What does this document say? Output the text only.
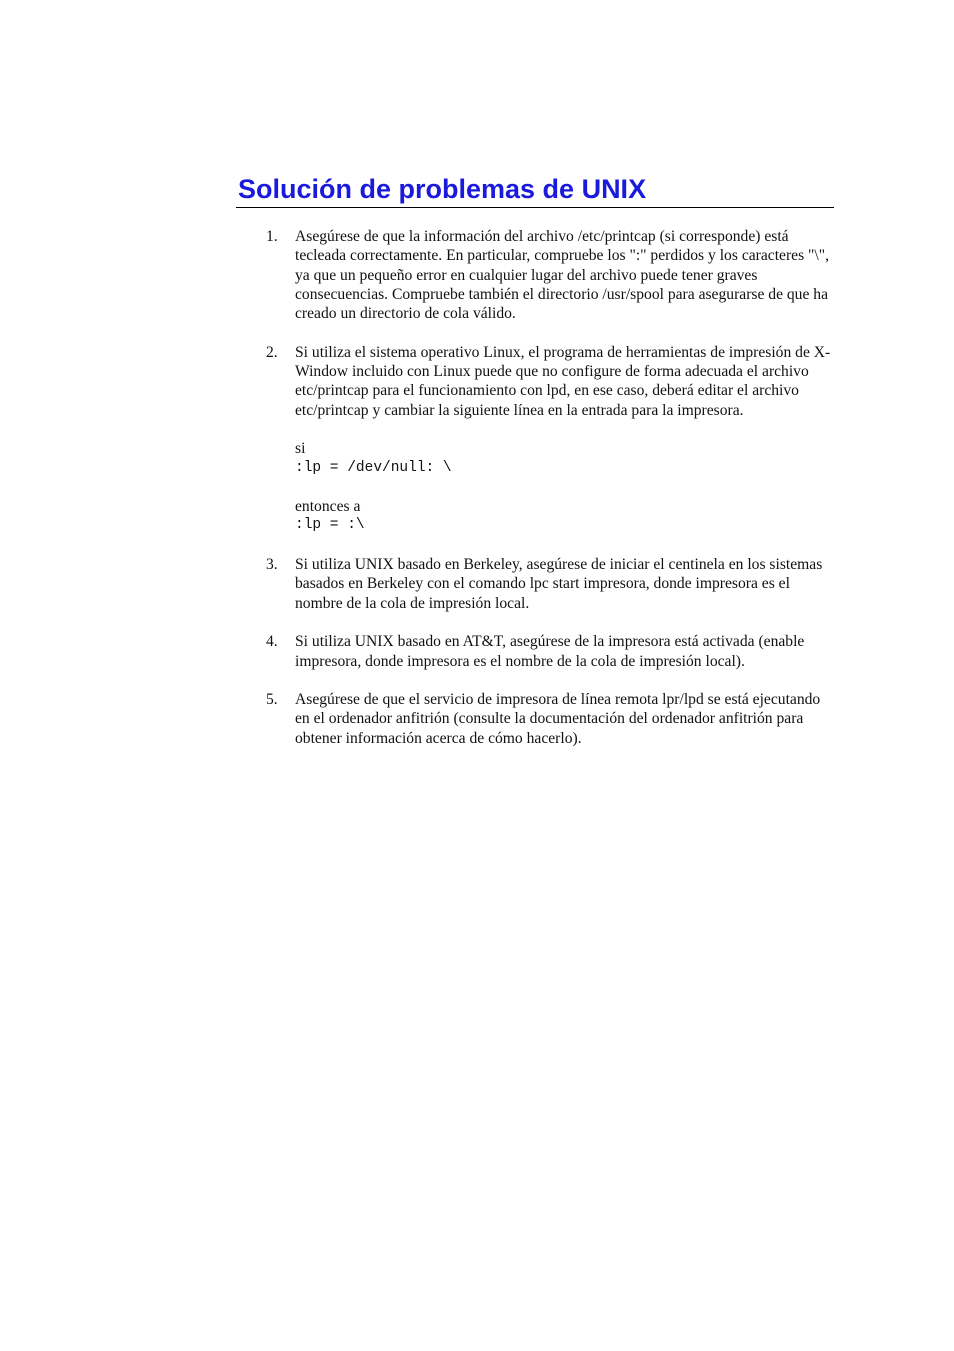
Solución de problemas de UNIX
1. Asegúrese de que la información del archivo /etc/printcap (si corresponde) está tecleada correctamente. En particular, compruebe los ":" perdidos y los caracteres "\", ya que un pequeño error en cualquier lugar del archivo puede tener graves consecuencias. Compruebe también el directorio /usr/spool para asegurarse de que ha creado un directorio de cola válido.

2. Si utiliza el sistema operativo Linux, el programa de herramientas de impresión de X-Window incluido con Linux puede que no configure de forma adecuada el archivo etc/printcap para el funcionamiento con lpd, en ese caso, deberá editar el archivo etc/printcap y cambiar la siguiente línea en la entrada para la impresora.

si
:lp = /dev/null: \
entonces a
:lp = :\
3. Si utiliza UNIX basado en Berkeley, asegúrese de iniciar el centinela en los sistemas basados en Berkeley con el comando lpc start impresora, donde impresora es el nombre de la cola de impresión local.

4. Si utiliza UNIX basado en AT&T, asegúrese de la impresora está activada (enable impresora, donde impresora es el nombre de la cola de impresión local).

5. Asegúrese de que el servicio de impresora de línea remota lpr/lpd se está ejecutando en el ordenador anfitrión (consulte la documentación del ordenador anfitrión para obtener información acerca de cómo hacerlo).
